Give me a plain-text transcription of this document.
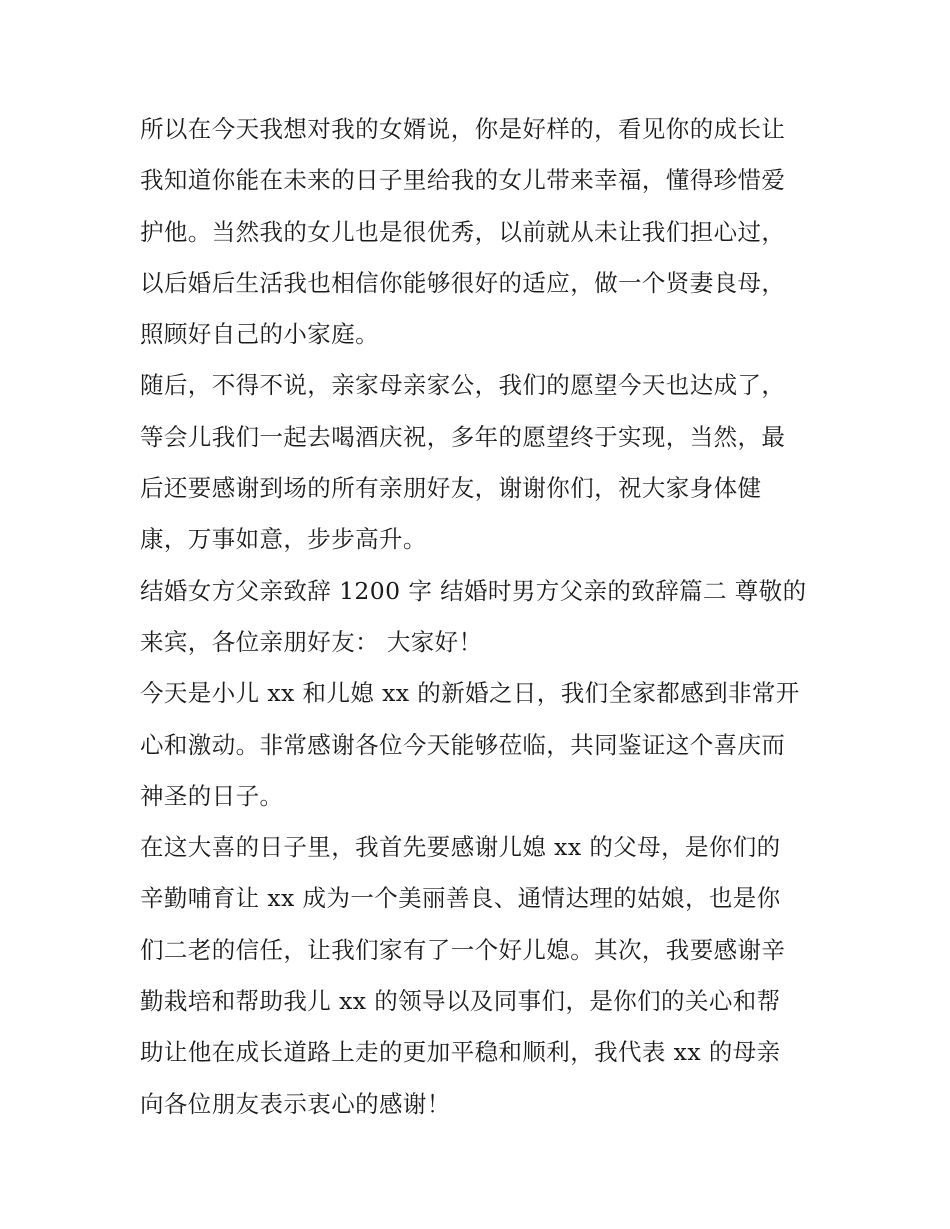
所以在今天我想对我的女婿说，你是好样的，看见你的成长让
我知道你能在未来的日子里给我的女儿带来幸福，懂得珍惜爱
护他。当然我的女儿也是很优秀，以前就从未让我们担心过，
以后婚后生活我也相信你能够很好的适应，做一个贤妻良母，
照顾好自己的小家庭。

随后，不得不说，亲家母亲家公，我们的愿望今天也达成了，
等会儿我们一起去喝酒庆祝，多年的愿望终于实现，当然，最
后还要感谢到场的所有亲朋好友，谢谢你们，祝大家身体健
康，万事如意，步步高升。

结婚女方父亲致辞 1200 字 结婚时男方父亲的致辞篇二 尊敬的
来宾，各位亲朋好友： 大家好！

今天是小儿 xx 和儿媳 xx 的新婚之日，我们全家都感到非常开
心和激动。非常感谢各位今天能够莅临，共同鉴证这个喜庆而
神圣的日子。

在这大喜的日子里，我首先要感谢儿媳 xx 的父母，是你们的
辛勤哺育让 xx 成为一个美丽善良、通情达理的姑娘，也是你
们二老的信任，让我们家有了一个好儿媳。其次，我要感谢辛
勤栽培和帮助我儿 xx 的领导以及同事们，是你们的关心和帮
助让他在成长道路上走的更加平稳和顺利，我代表 xx 的母亲
向各位朋友表示衷心的感谢！
